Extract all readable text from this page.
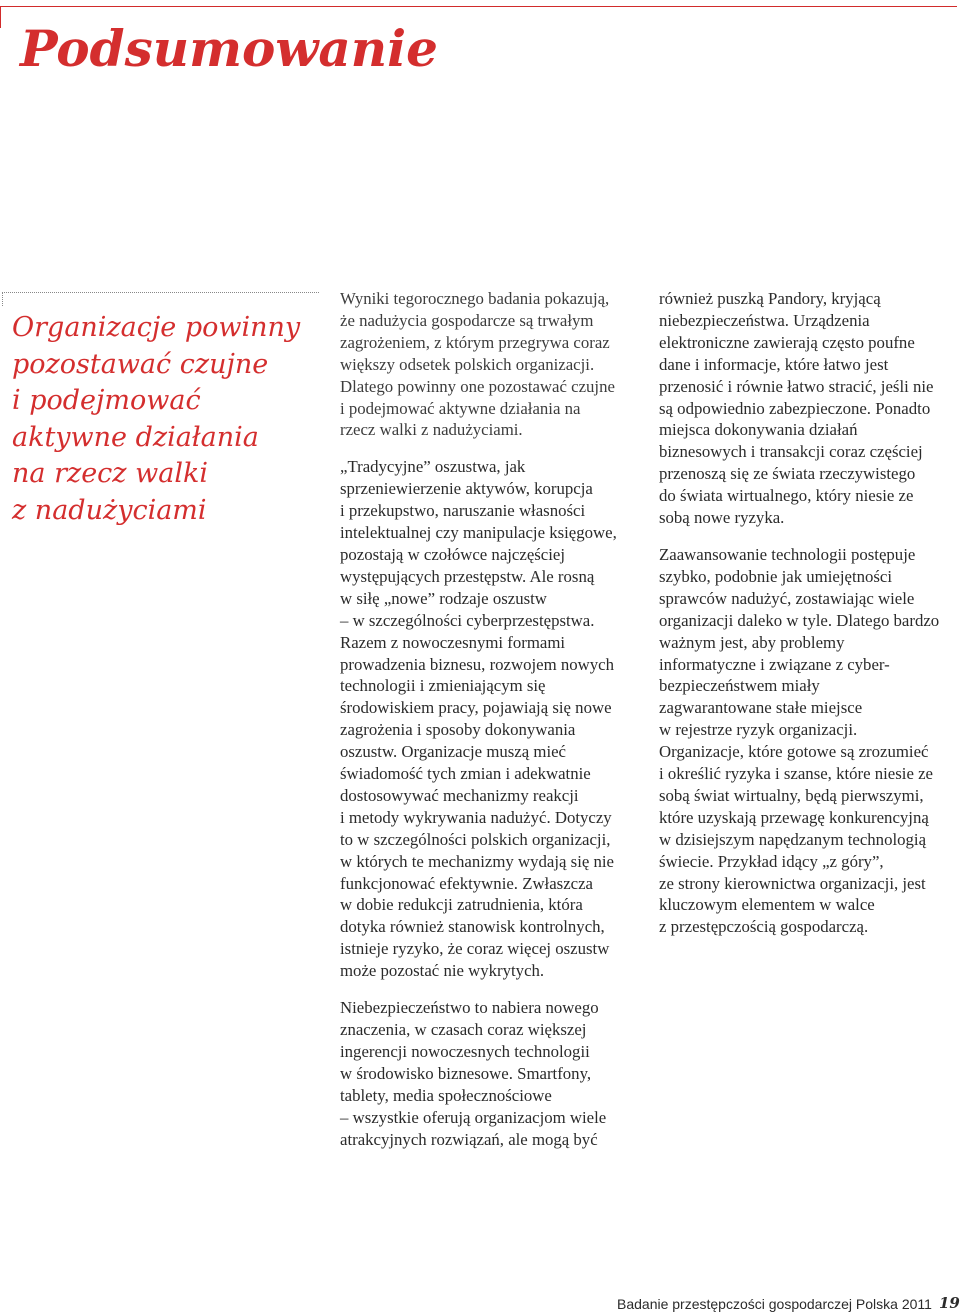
Podsumowanie
Organizacje powinny
pozostawać czujne
i podejmować
aktywne działania
na rzecz walki
z nadużyciami
Wyniki tegorocznego badania pokazują,
że nadużycia gospodarcze są trwałym
zagrożeniem, z którym przegrywa coraz
większy odsetek polskich organizacji.
Dlatego powinny one pozostawać czujne
i podejmować aktywne działania na
rzecz walki z nadużyciami.
„Tradycyjne” oszustwa, jak
sprzeniewierzenie aktywów, korupcja
i przekupstwo, naruszanie własności
intelektualnej czy manipulacje księgowe,
pozostają w czołówce najczęściej
występujących przestępstw. Ale rosną
w siłę „nowe” rodzaje oszustw
– w szczególności cyberprzestępstwa.
Razem z nowoczesnymi formami
prowadzenia biznesu, rozwojem nowych
technologii i zmieniającym się
środowiskiem pracy, pojawiają się nowe
zagrożenia i sposoby dokonywania
oszustw. Organizacje muszą mieć
świadomość tych zmian i adekwatnie
dostosowywać mechanizmy reakcji
i metody wykrywania nadużyć. Dotyczy
to w szczególności polskich organizacji,
w których te mechanizmy wydają się nie
funkcjonować efektywnie. Zwłaszcza
w dobie redukcji zatrudnienia, która
dotyka również stanowisk kontrolnych,
istnieje ryzyko, że coraz więcej oszustw
może pozostać nie wykrytych.
Niebezpieczeństwo to nabiera nowego
znaczenia, w czasach coraz większej
ingerencji nowoczesnych technologii
w środowisko biznesowe. Smartfony,
tablety, media społecznościowe
– wszystkie oferują organizacjom wiele
atrakcyjnych rozwiązań, ale mogą być
również puszką Pandory, kryjącą
niebezpieczeństwa. Urządzenia
elektroniczne zawierają często poufne
dane i informacje, które łatwo jest
przenosić i równie łatwo stracić, jeśli nie
są odpowiednio zabezpieczone. Ponadto
miejsca dokonywania działań
biznesowych i transakcji coraz częściej
przenoszą się ze świata rzeczywistego
do świata wirtualnego, który niesie ze
sobą nowe ryzyka.
Zaawansowanie technologii postępuje
szybko, podobnie jak umiejętności
sprawców nadużyć, zostawiając wiele
organizacji daleko w tyle. Dlatego bardzo
ważnym jest, aby problemy
informatyczne i związane z cyber-
bezpieczeństwem miały
zagwarantowane stałe miejsce
w rejestrze ryzyk organizacji.
Organizacje, które gotowe są zrozumieć
i określić ryzyka i szanse, które niesie ze
sobą świat wirtualny, będą pierwszymi,
które uzyskają przewagę konkurencyjną
w dzisiejszym napędzanym technologią
świecie. Przykład idący „z góry”,
ze strony kierownictwa organizacji, jest
kluczowym elementem w walce
z przestępczością gospodarczą.
Badanie przestępczości gospodarczej Polska 2011 19
